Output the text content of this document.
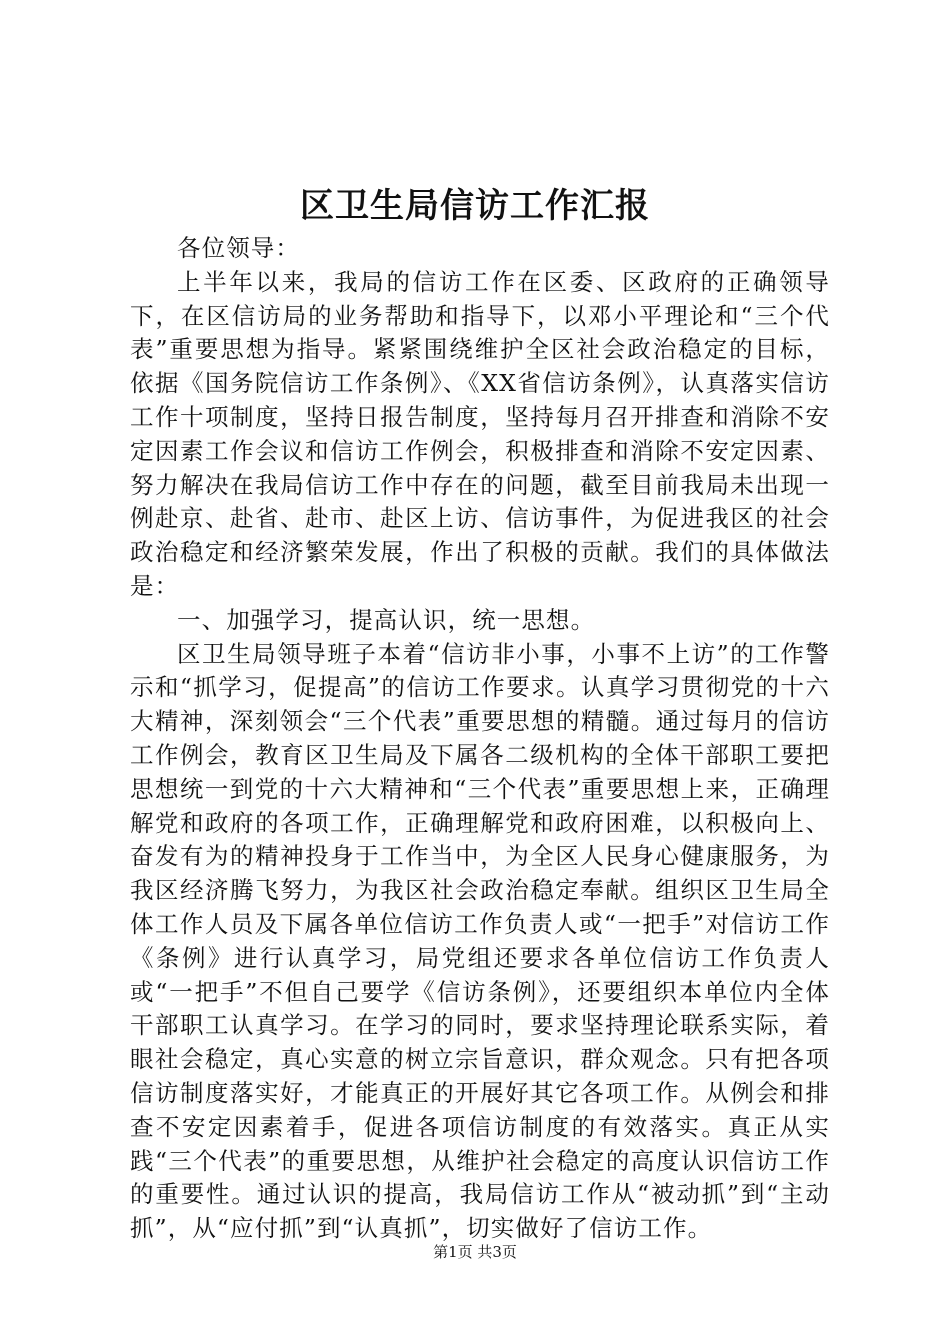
区卫生局信访工作汇报

各位领导：

上半年以来，我局的信访工作在区委、区政府的正确领导下，在区信访局的业务帮助和指导下，以邓小平理论和“三个代表”重要思想为指导。紧紧围绕维护全区社会政治稳定的目标，依据《国务院信访工作条例》、《XX省信访条例》，认真落实信访工作十项制度，坚持日报告制度，坚持每月召开排查和消除不安定因素工作会议和信访工作例会，积极排查和消除不安定因素、努力解决在我局信访工作中存在的问题，截至目前我局未出现一例赴京、赴省、赴市、赴区上访、信访事件，为促进我区的社会政治稳定和经济繁荣发展，作出了积极的贡献。我们的具体做法是：

一、加强学习，提高认识，统一思想。

区卫生局领导班子本着“信访非小事，小事不上访”的工作警示和“抓学习，促提高”的信访工作要求。认真学习贯彻党的十六大精神，深刻领会“三个代表”重要思想的精髓。通过每月的信访工作例会，教育区卫生局及下属各二级机构的全体干部职工要把思想统一到党的十六大精神和“三个代表”重要思想上来，正确理解党和政府的各项工作，正确理解党和政府困难，以积极向上、奋发有为的精神投身于工作当中，为全区人民身心健康服务，为我区经济腾飞努力，为我区社会政治稳定奉献。组织区卫生局全体工作人员及下属各单位信访工作负责人或“一把手”对信访工作《条例》进行认真学习，局党组还要求各单位信访工作负责人或“一把手”不但自己要学《信访条例》，还要组织本单位内全体干部职工认真学习。在学习的同时，要求坚持理论联系实际，着眼社会稳定，真心实意的树立宗旨意识，群众观念。只有把各项信访制度落实好，才能真正的开展好其它各项工作。从例会和排查不安定因素着手，促进各项信访制度的有效落实。真正从实践“三个代表”的重要思想，从维护社会稳定的高度认识信访工作的重要性。通过认识的提高，我局信访工作从“被动抓”到“主动抓”，从“应付抓”到“认真抓”，切实做好了信访工作。

第1页 共3页
